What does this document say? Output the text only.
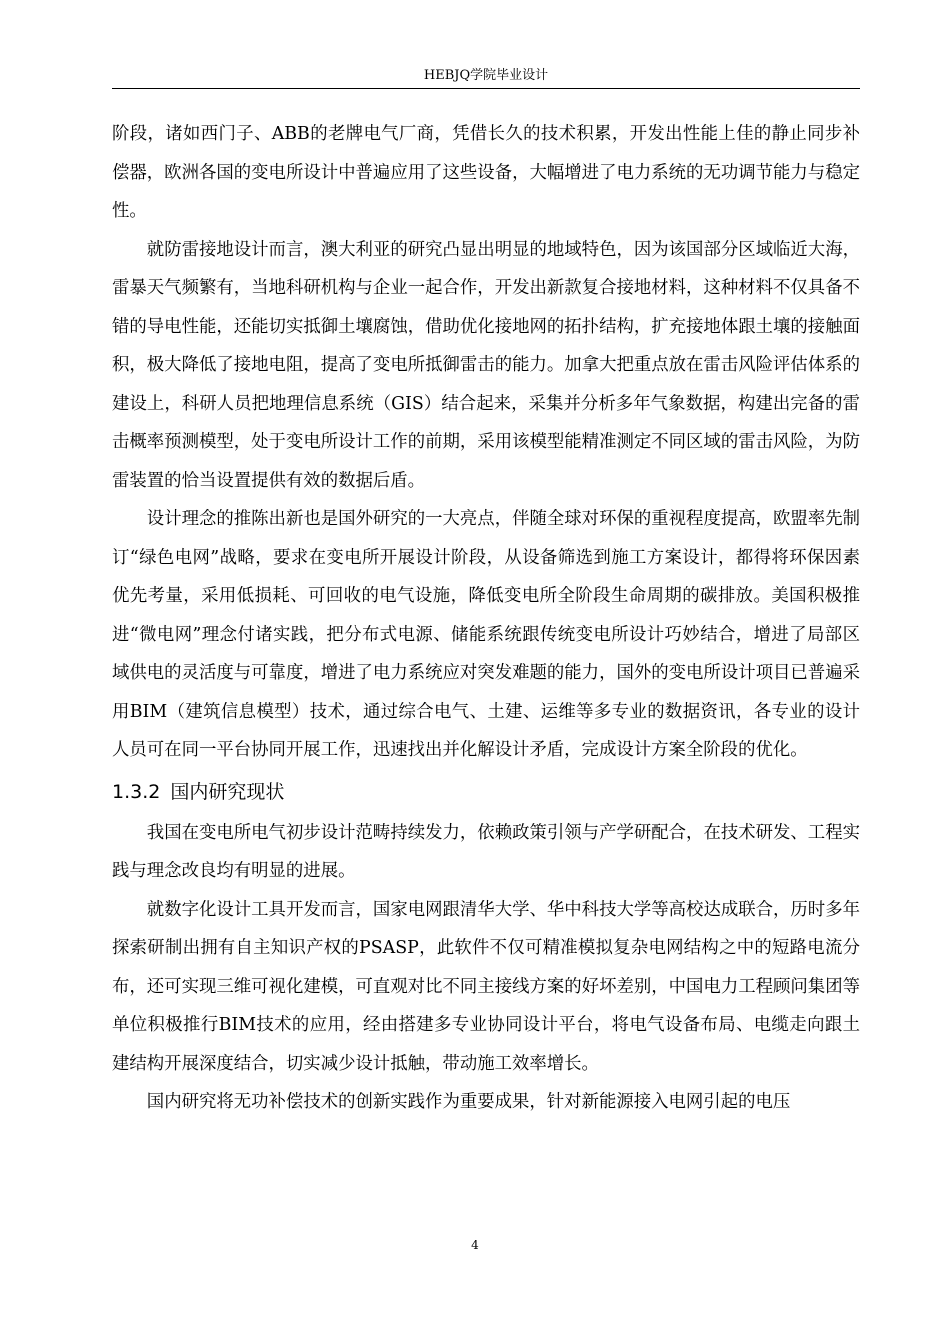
HEBJQ学院毕业设计

阶段，诸如西门子、ABB的老牌电气厂商，凭借长久的技术积累，开发出性能上佳的静止同步补偿器，欧洲各国的变电所设计中普遍应用了这些设备，大幅增进了电力系统的无功调节能力与稳定性。

就防雷接地设计而言，澳大利亚的研究凸显出明显的地域特色，因为该国部分区域临近大海，雷暴天气频繁有，当地科研机构与企业一起合作，开发出新款复合接地材料，这种材料不仅具备不错的导电性能，还能切实抵御土壤腐蚀，借助优化接地网的拓扑结构，扩充接地体跟土壤的接触面积，极大降低了接地电阻，提高了变电所抵御雷击的能力。加拿大把重点放在雷击风险评估体系的建设上，科研人员把地理信息系统（GIS）结合起来，采集并分析多年气象数据，构建出完备的雷击概率预测模型，处于变电所设计工作的前期，采用该模型能精准测定不同区域的雷击风险，为防雷装置的恰当设置提供有效的数据后盾。

设计理念的推陈出新也是国外研究的一大亮点，伴随全球对环保的重视程度提高，欧盟率先制订“绿色电网”战略，要求在变电所开展设计阶段，从设备筛选到施工方案设计，都得将环保因素优先考量，采用低损耗、可回收的电气设施，降低变电所全阶段生命周期的碳排放。美国积极推进“微电网”理念付诸实践，把分布式电源、储能系统跟传统变电所设计巧妙结合，增进了局部区域供电的灵活度与可靠度，增进了电力系统应对突发难题的能力，国外的变电所设计项目已普遍采用BIM（建筑信息模型）技术，通过综合电气、土建、运维等多专业的数据资讯，各专业的设计人员可在同一平台协同开展工作，迅速找出并化解设计矛盾，完成设计方案全阶段的优化。

1.3.2 国内研究现状

我国在变电所电气初步设计范畴持续发力，依赖政策引领与产学研配合，在技术研发、工程实践与理念改良均有明显的进展。

就数字化设计工具开发而言，国家电网跟清华大学、华中科技大学等高校达成联合，历时多年探索研制出拥有自主知识产权的PSASP，此软件不仅可精准模拟复杂电网结构之中的短路电流分布，还可实现三维可视化建模，可直观对比不同主接线方案的好坏差别，中国电力工程顾问集团等单位积极推行BIM技术的应用，经由搭建多专业协同设计平台，将电气设备布局、电缆走向跟土建结构开展深度结合，切实减少设计抵触，带动施工效率增长。

国内研究将无功补偿技术的创新实践作为重要成果，针对新能源接入电网引起的电压

4
